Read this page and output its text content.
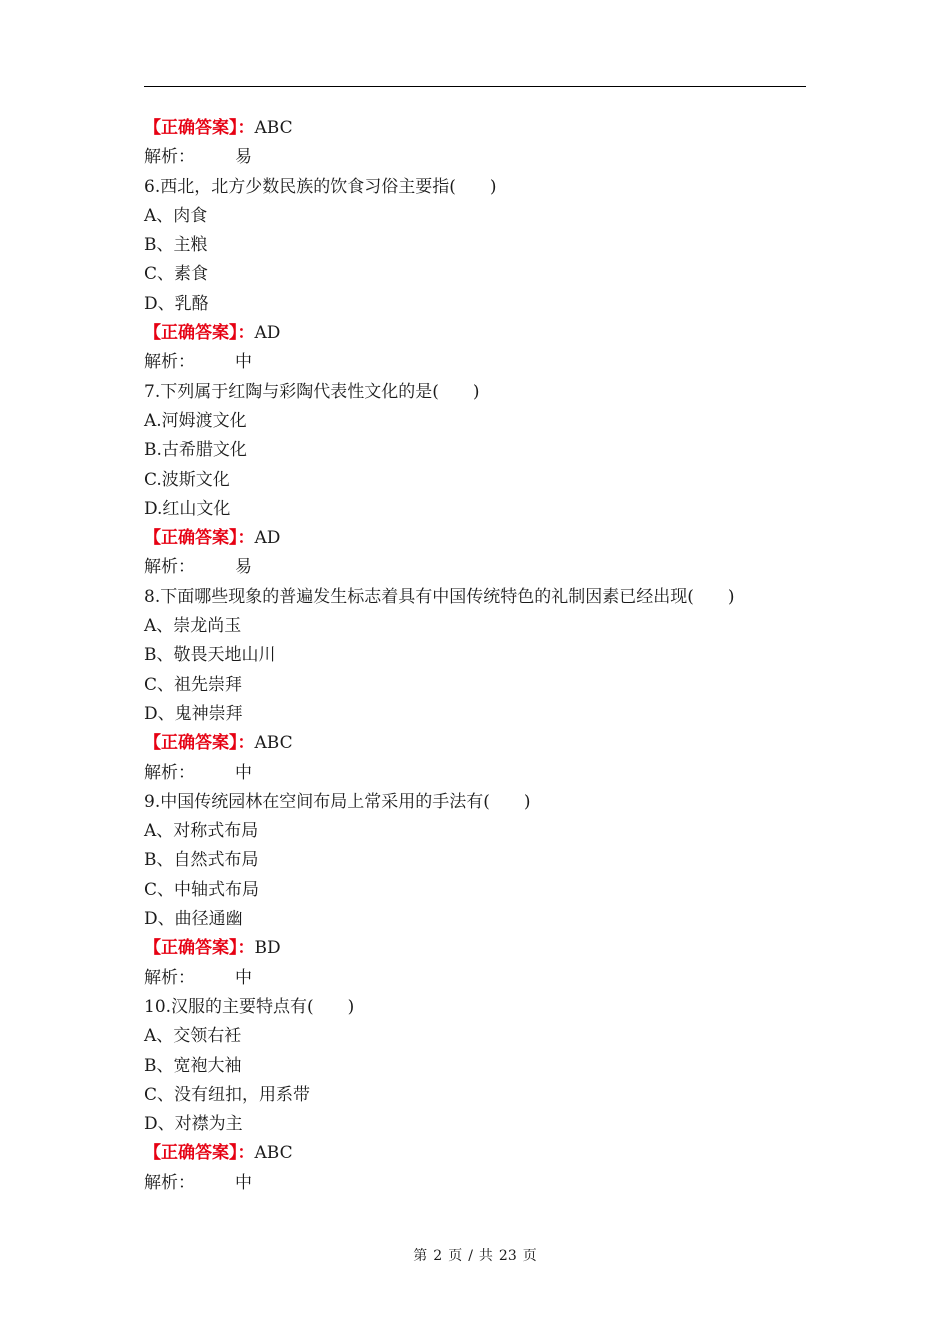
【正确答案】：ABC
解析： 易
6.西北，北方少数民族的饮食习俗主要指(　　)
A、肉食
B、主粮
C、素食
D、乳酪
【正确答案】：AD
解析： 中
7.下列属于红陶与彩陶代表性文化的是(　　)
A.河姆渡文化
B.古希腊文化
C.波斯文化
D.红山文化
【正确答案】：AD
解析： 易
8.下面哪些现象的普遍发生标志着具有中国传统特色的礼制因素已经出现(　　)
A、崇龙尚玉
B、敬畏天地山川
C、祖先崇拜
D、鬼神崇拜
【正确答案】：ABC
解析： 中
9.中国传统园林在空间布局上常采用的手法有(　　)
A、对称式布局
B、自然式布局
C、中轴式布局
D、曲径通幽
【正确答案】：BD
解析： 中
10.汉服的主要特点有(　　)
A、交领右衽
B、宽袍大袖
C、没有纽扣，用系带
D、对襟为主
【正确答案】：ABC
解析： 中
第 2 页 / 共 23 页
